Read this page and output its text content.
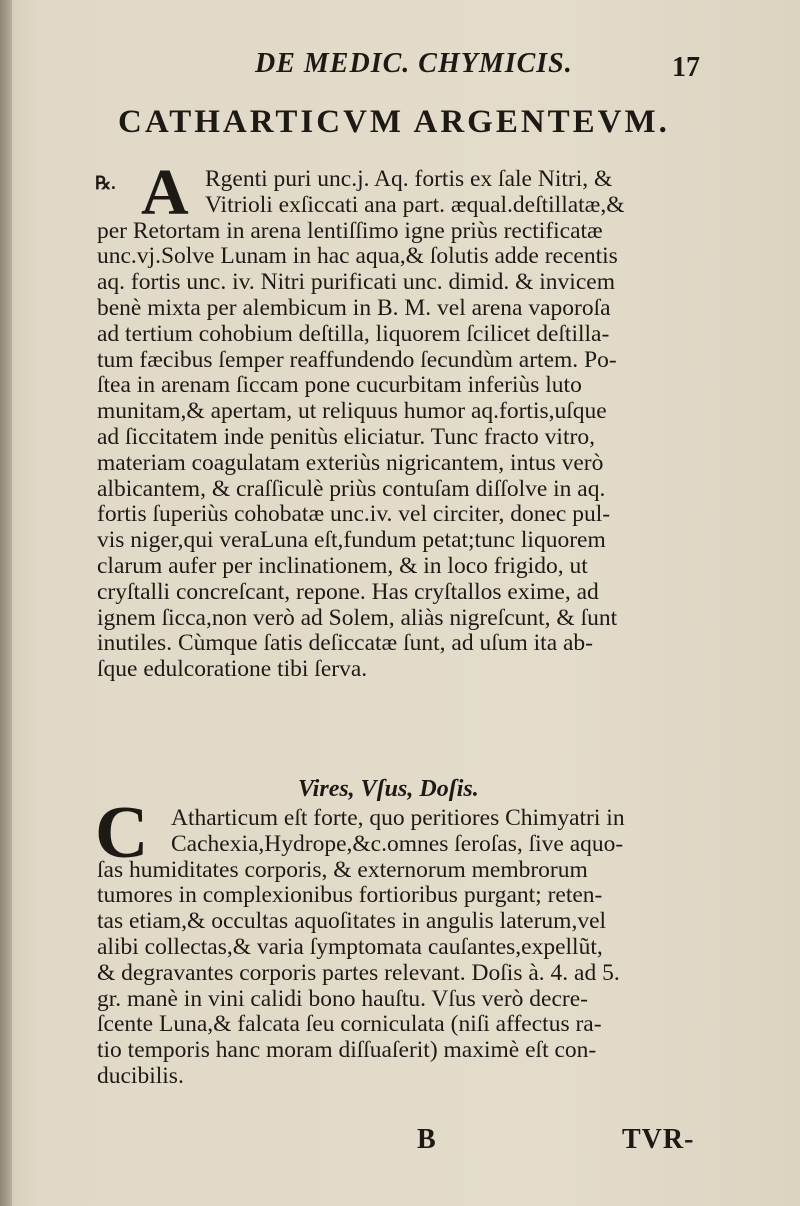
DE MEDIC. CHYMICIS.	17
CATHARTICVM ARGENTEVM.
℞. A Rgenti puri unc.j. Aq. fortis ex ſale Nitri, &
Vitrioli exſiccati ana part. æqual.deſtillatæ,&
per Retortam in arena lentiſſimo igne priùs rectificatæ
unc.vj.Solve Lunam in hac aqua,& ſolutis adde recentis
aq. fortis unc. iv. Nitri purificati unc. dimid. & invicem
benè mixta per alembicum in B. M. vel arena vaporoſa
ad tertium cohobium deſtilla, liquorem ſcilicet deſtilla-
tum fæcibus ſemper reaffundendo ſecundùm artem. Po-
ſtea in arenam ſiccam pone cucurbitam inferiùs luto
munitam,& apertam, ut reliquus humor aq.fortis,uſque
ad ſiccitatem inde penitùs eliciatur. Tunc fracto vitro,
materiam coagulatam exteriùs nigricantem, intus verò
albicantem, & craſſiculè priùs contuſam diſſolve in aq.
fortis ſuperiùs cohobatæ unc.iv. vel circiter, donec pul-
vis niger,qui veraLuna eſt,fundum petat;tunc liquorem
clarum aufer per inclinationem, & in loco frigido, ut
cryſtalli concreſcant, repone. Has cryſtallos exime, ad
ignem ſicca,non verò ad Solem, aliàs nigreſcunt, & ſunt
inutiles. Cùmque ſatis deſiccatæ ſunt, ad uſum ita ab-
ſque edulcoratione tibi ſerva.
Vires, Vſus, Doſis.
C Atharticum eſt forte, quo peritiores Chimyatri in
Cachexia,Hydrope,&c.omnes ſeroſas, ſive aquo-
ſas humiditates corporis, & externorum membrorum
tumores in complexionibus fortioribus purgant; reten-
tas etiam,& occultas aquoſitates in angulis laterum,vel
alibi collectas,& varia ſymptomata cauſantes,expellũt,
& degravantes corporis partes relevant. Doſis à. 4. ad 5.
gr. manè in vini calidi bono hauſtu. Vſus verò decre-
ſcente Luna,& falcata ſeu corniculata (niſi affectus ra-
tio temporis hanc moram diſſuaſerit) maximè eſt con-
ducibilis.
B	TVR-
